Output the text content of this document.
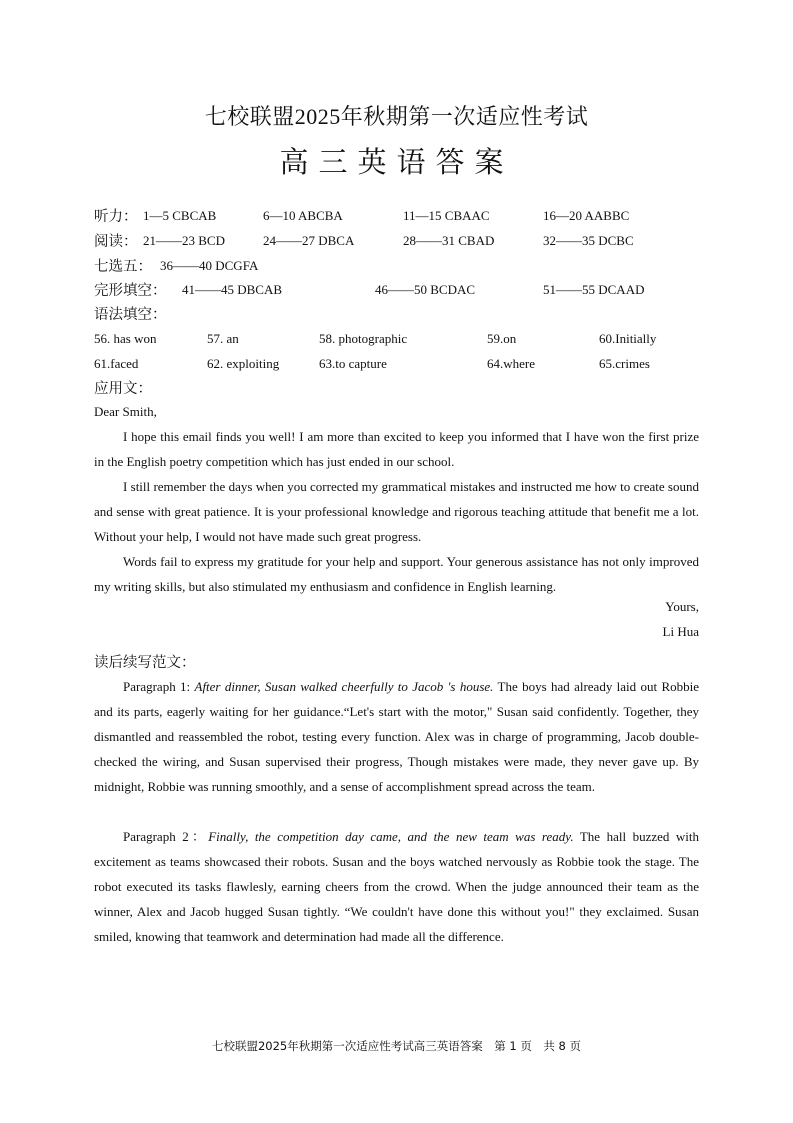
七校联盟2025年秋期第一次适应性考试
高三英语答案
听力： 1—5 CBCAB	6—10 ABCBA	11—15 CBAAC	16—20 AABBC
阅读： 21——23 BCD	24——27 DBCA	28——31 CBAD	32——35 DCBC
七选五： 36——40 DCGFA
完形填空： 41——45 DBCAB	46——50 BCDAC	51——55 DCAAD
语法填空：
56. has won	57. an	58. photographic	59.on	60.Initially
61.faced	62. exploiting	63.to capture	64.where	65.crimes
应用文：
Dear Smith,
I hope this email finds you well! I am more than excited to keep you informed that I have won the first prize in the English poetry competition which has just ended in our school.
I still remember the days when you corrected my grammatical mistakes and instructed me how to create sound and sense with great patience. It is your professional knowledge and rigorous teaching attitude that benefit me a lot. Without your help, I would not have made such great progress.
Words fail to express my gratitude for your help and support. Your generous assistance has not only improved my writing skills, but also stimulated my enthusiasm and confidence in English learning.
Yours,
Li Hua
读后续写范文：
Paragraph 1: After dinner, Susan walked cheerfully to Jacob 's house. The boys had already laid out Robbie and its parts, eagerly waiting for her guidance.“Let's start with the motor," Susan said confidently. Together, they dismantled and reassembled the robot, testing every function. Alex was in charge of programming, Jacob double-checked the wiring, and Susan supervised their progress, Though mistakes were made, they never gave up. By midnight, Robbie was running smoothly, and a sense of accomplishment spread across the team.
Paragraph 2：Finally, the competition day came, and the new team was ready. The hall buzzed with excitement as teams showcased their robots. Susan and the boys watched nervously as Robbie took the stage. The robot executed its tasks flawlesly, earning cheers from the crowd. When the judge announced their team as the winner, Alex and Jacob hugged Susan tightly. “We couldn't have done this without you!" they exclaimed. Susan smiled, knowing that teamwork and determination had made all the difference.
七校联盟2025年秋期第一次适应性考试高三英语答案　第 1 页　共 8 页
